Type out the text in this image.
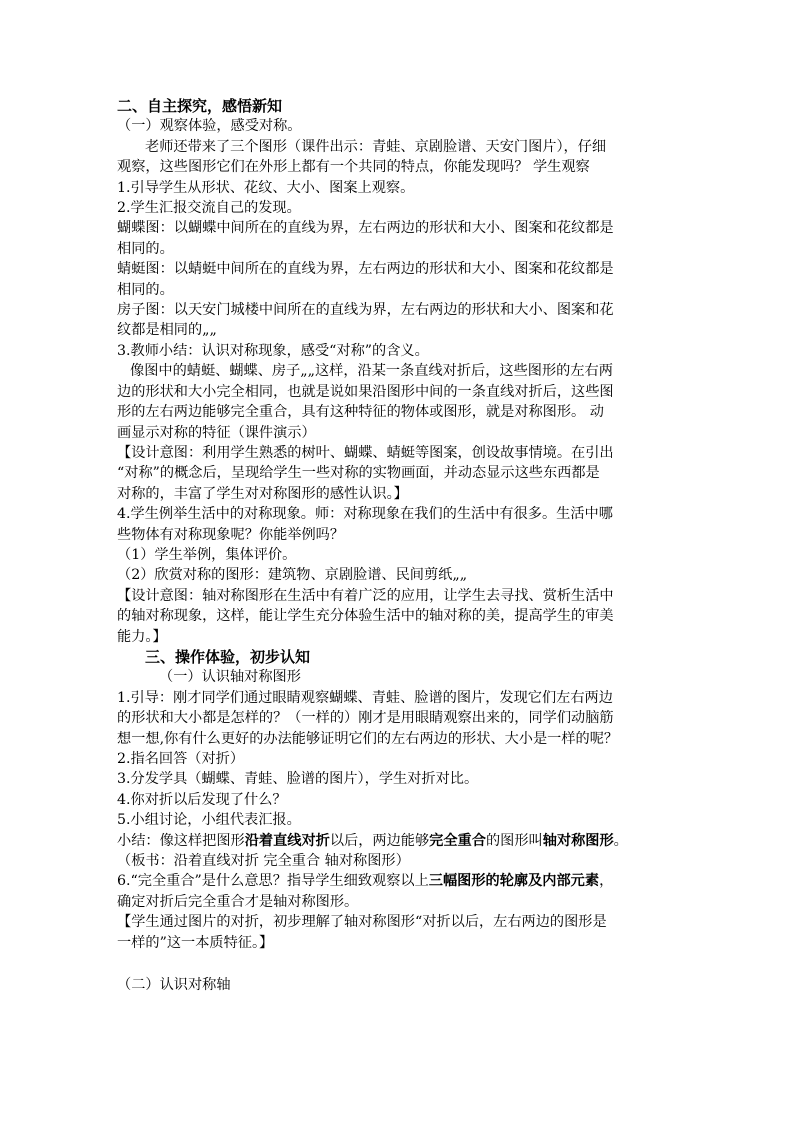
二、自主探究，感悟新知
（一）观察体验，感受对称。
老师还带来了三个图形（课件出示：青蛙、京剧脸谱、天安门图片），仔细
观察，这些图形它们在外形上都有一个共同的特点，你能发现吗？ 学生观察
1.引导学生从形状、花纹、大小、图案上观察。
2.学生汇报交流自己的发现。
蝴蝶图：以蝴蝶中间所在的直线为界，左右两边的形状和大小、图案和花纹都是
相同的。
蜻蜓图：以蜻蜓中间所在的直线为界，左右两边的形状和大小、图案和花纹都是
相同的。
房子图：以天安门城楼中间所在的直线为界，左右两边的形状和大小、图案和花
纹都是相同的„„
3.教师小结：认识对称现象，感受“对称”的含义。
像图中的蜻蜓、蝴蝶、房子„„这样，沿某一条直线对折后，这些图形的左右两
边的形状和大小完全相同，也就是说如果沿图形中间的一条直线对折后，这些图
形的左右两边能够完全重合，具有这种特征的物体或图形，就是对称图形。 动
画显示对称的特征（课件演示）
【设计意图：利用学生熟悉的树叶、蝴蝶、蜻蜓等图案，创设故事情境。在引出
“对称”的概念后，呈现给学生一些对称的实物画面，并动态显示这些东西都是
对称的，丰富了学生对对称图形的感性认识。】
4.学生例举生活中的对称现象。师：对称现象在我们的生活中有很多。生活中哪
些物体有对称现象呢？你能举例吗？
（1）学生举例，集体评价。
（2）欣赏对称的图形：建筑物、京剧脸谱、民间剪纸„„
【设计意图：轴对称图形在生活中有着广泛的应用，让学生去寻找、赏析生活中
的轴对称现象，这样，能让学生充分体验生活中的轴对称的美，提高学生的审美
能力。】
三、操作体验，初步认知
（一）认识轴对称图形
1.引导：刚才同学们通过眼睛观察蝴蝶、青蛙、脸谱的图片，发现它们左右两边
的形状和大小都是怎样的？（一样的）刚才是用眼睛观察出来的，同学们动脑筋
想一想,你有什么更好的办法能够证明它们的左右两边的形状、大小是一样的呢？
2.指名回答（对折）
3.分发学具（蝴蝶、青蛙、脸谱的图片），学生对折对比。
4.你对折以后发现了什么？
5.小组讨论，小组代表汇报。
小结：像这样把图形沿着直线对折以后，两边能够完全重合的图形叫轴对称图形。
（板书：沿着直线对折 完全重合 轴对称图形）
6.“完全重合”是什么意思？指导学生细致观察以上三幅图形的轮廓及内部元素，
确定对折后完全重合才是轴对称图形。
【学生通过图片的对折，初步理解了轴对称图形“对折以后，左右两边的图形是
一样的”这一本质特征。】
（二）认识对称轴
